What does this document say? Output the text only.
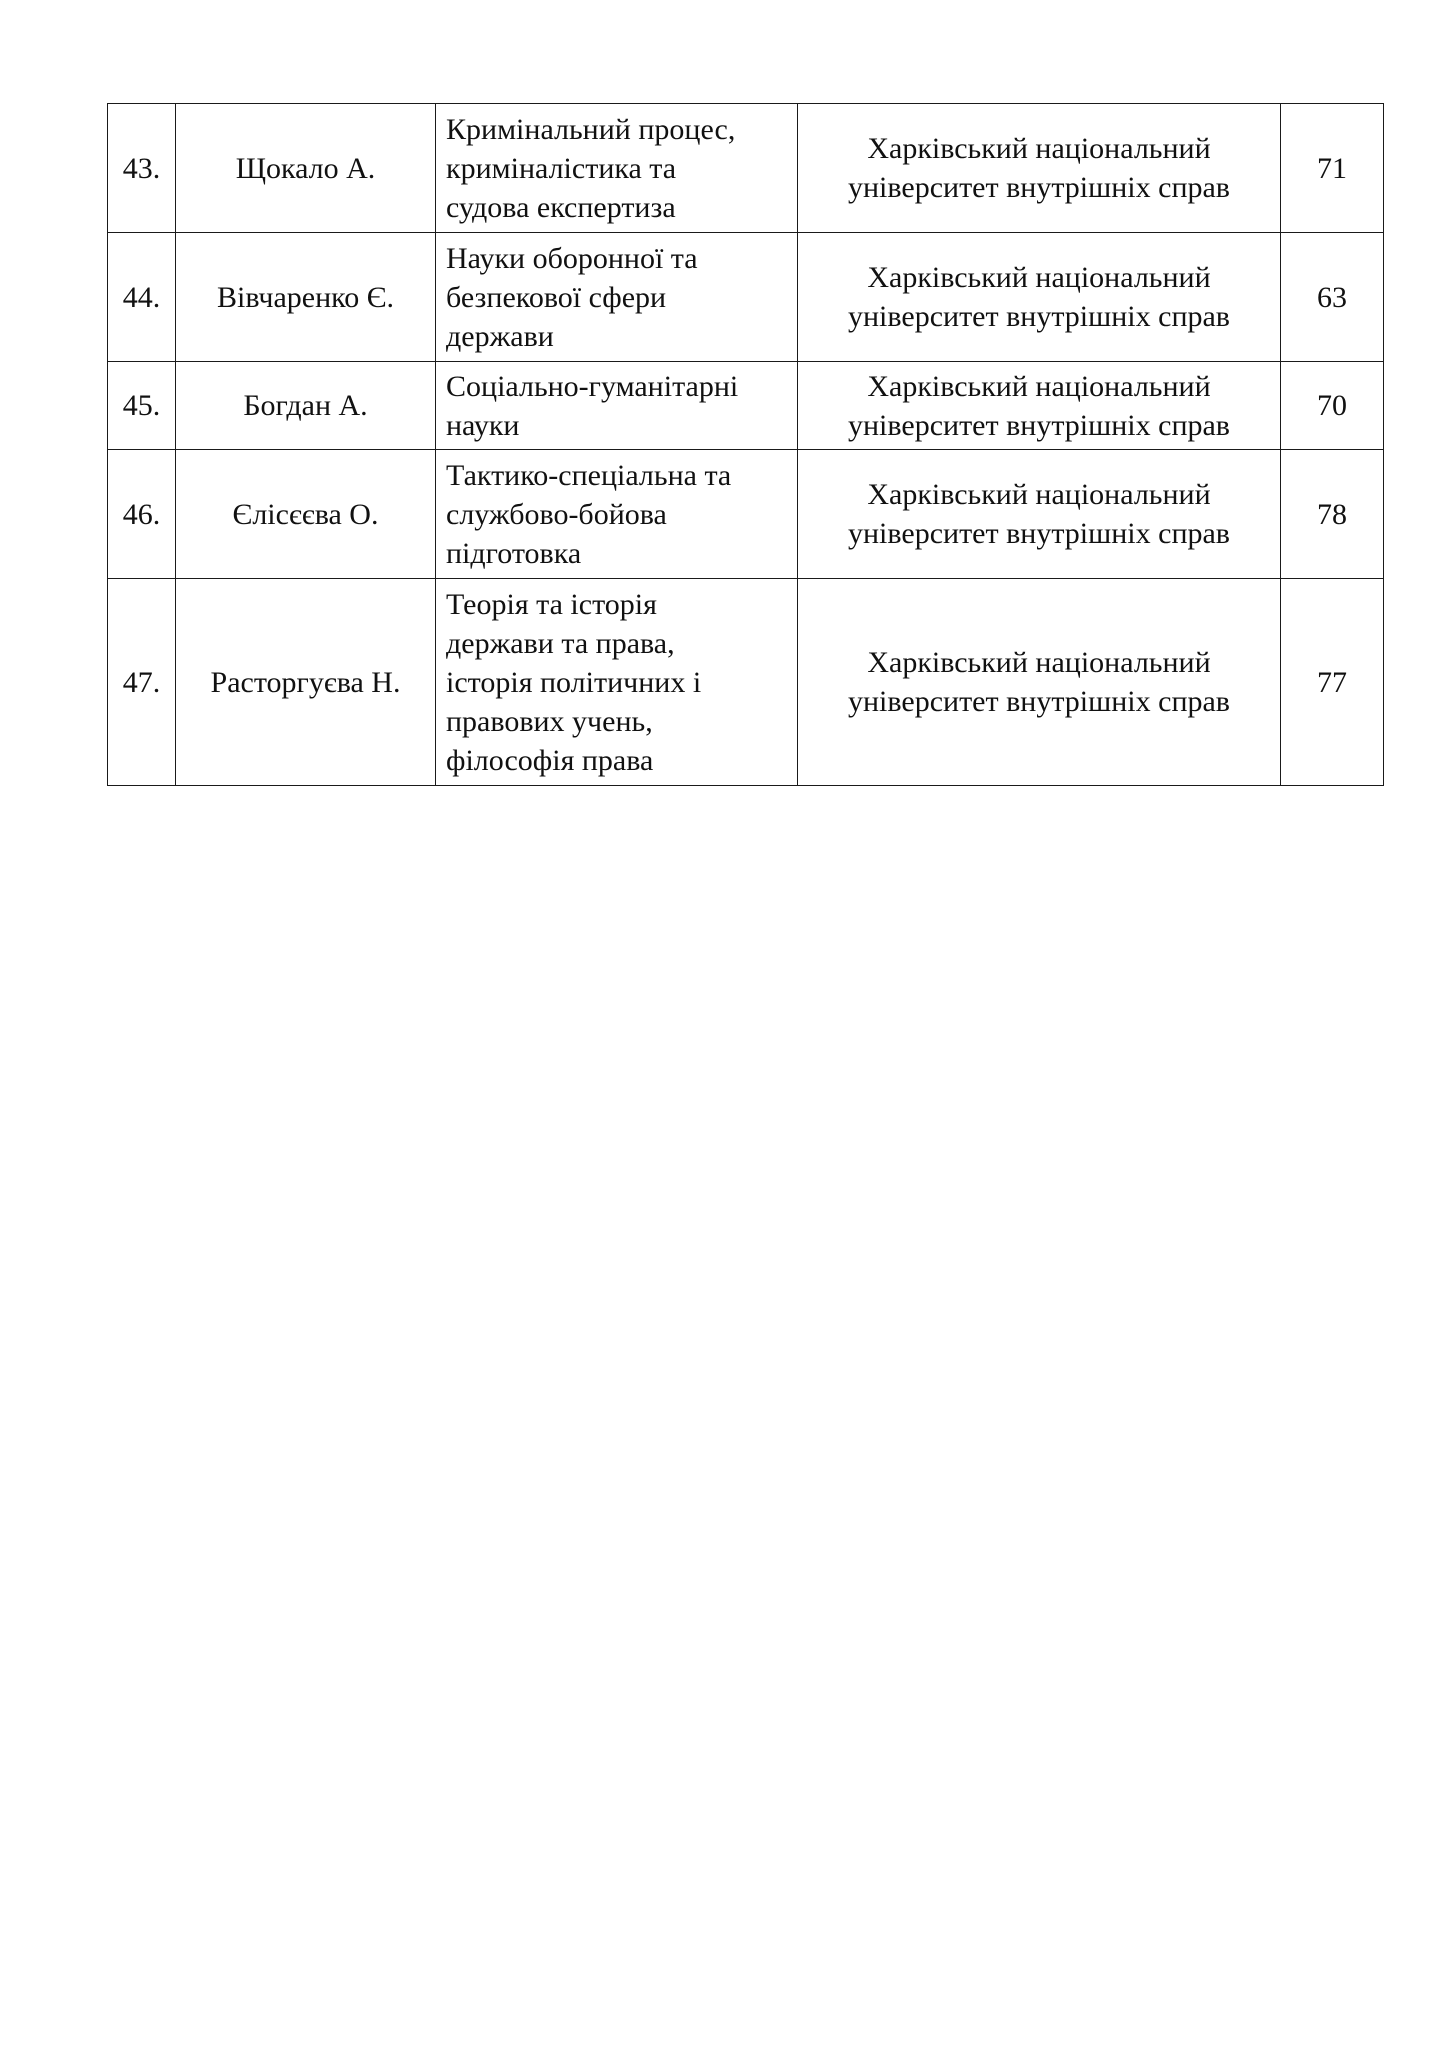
43.	Щокало А.	Кримінальний процес,
криміналістика та
судова експертиза	Харківський національний
університет внутрішніх справ	71
44.	Вівчаренко Є.	Науки оборонної та
безпекової сфери
держави	Харківський національний
університет внутрішніх справ	63
45.	Богдан А.	Соціально-гуманітарні
науки	Харківський національний
університет внутрішніх справ	70
46.	Єлісєєва О.	Тактико-спеціальна та
службово-бойова
підготовка	Харківський національний
університет внутрішніх справ	78
47.	Расторгуєва Н.	Теорія та історія
держави та права,
історія політичних і
правових учень,
філософія права	Харківський національний
університет внутрішніх справ	77
